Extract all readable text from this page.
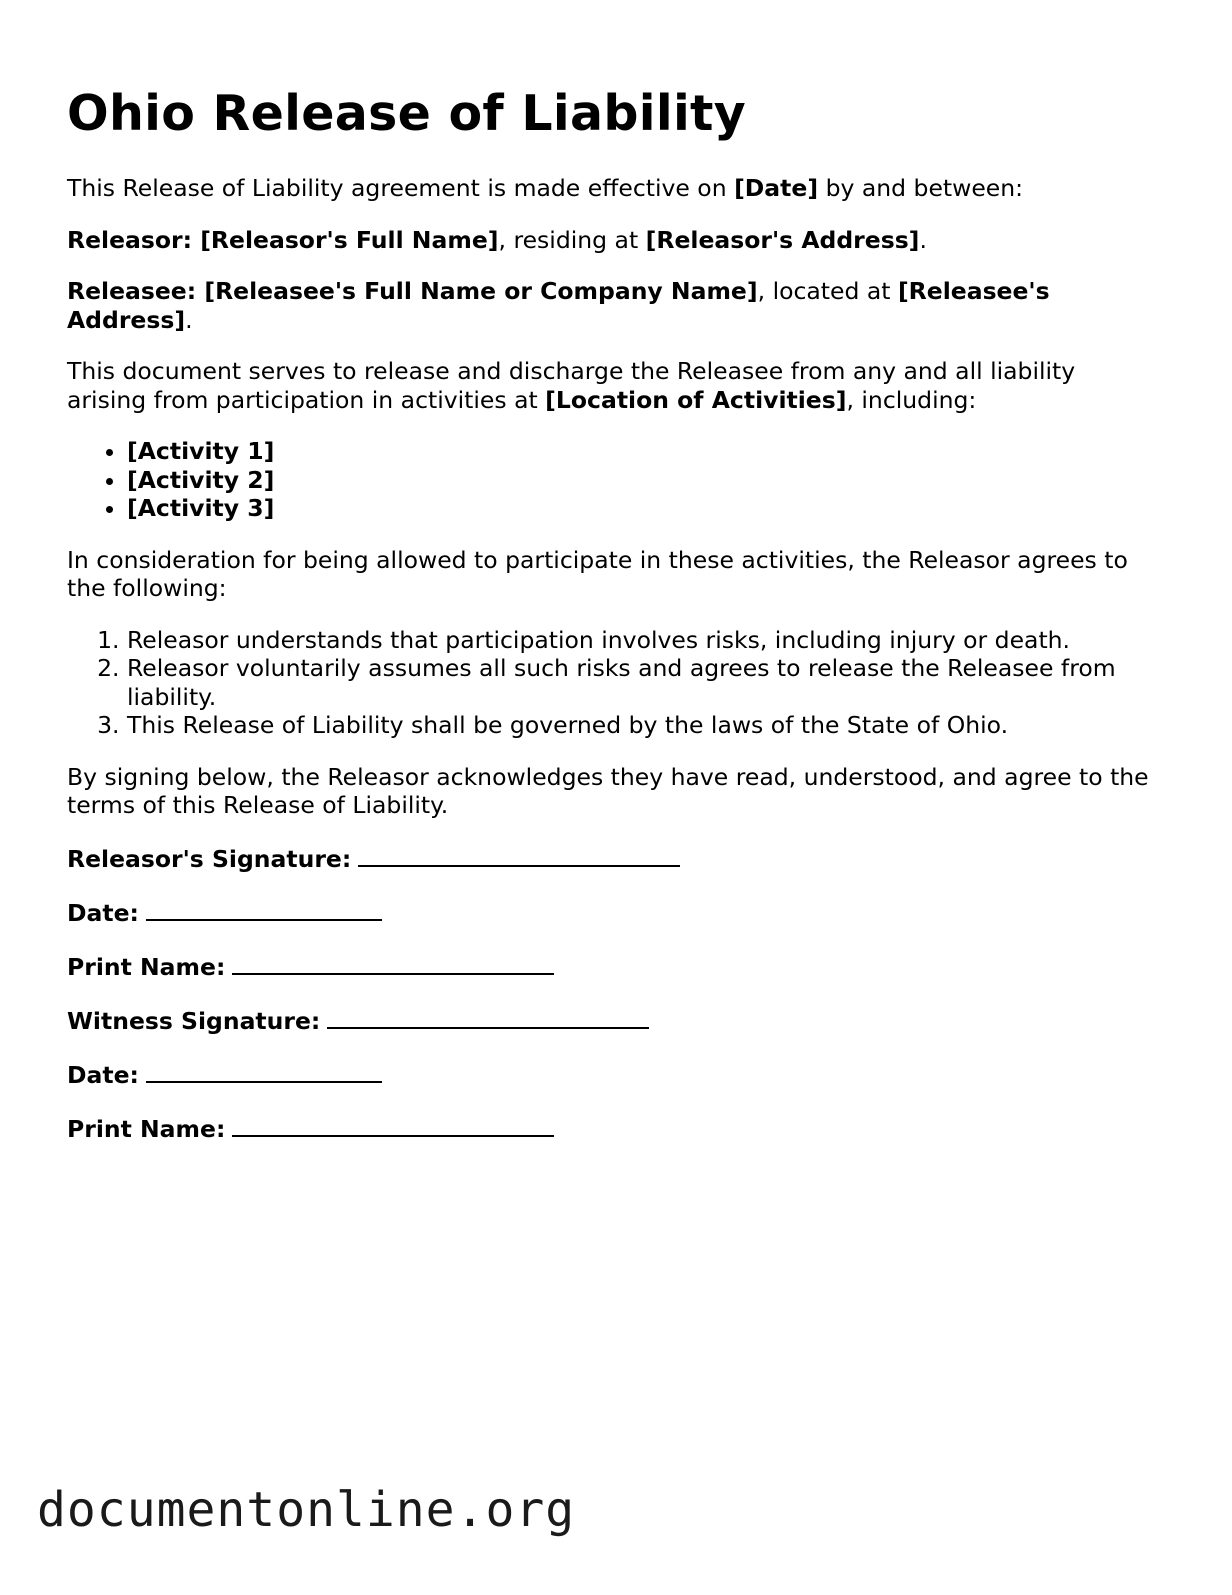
Ohio Release of Liability

This Release of Liability agreement is made effective on [Date] by and between:

Releasor: [Releasor's Full Name], residing at [Releasor's Address].

Releasee: [Releasee's Full Name or Company Name], located at [Releasee's Address].

This document serves to release and discharge the Releasee from any and all liability arising from participation in activities at [Location of Activities], including:

• [Activity 1]
• [Activity 2]
• [Activity 3]

In consideration for being allowed to participate in these activities, the Releasor agrees to the following:

1. Releasor understands that participation involves risks, including injury or death.
2. Releasor voluntarily assumes all such risks and agrees to release the Releasee from liability.
3. This Release of Liability shall be governed by the laws of the State of Ohio.

By signing below, the Releasor acknowledges they have read, understood, and agree to the terms of this Release of Liability.

Releasor's Signature:
Date:
Print Name:
Witness Signature:
Date:
Print Name:
documentonline.org
